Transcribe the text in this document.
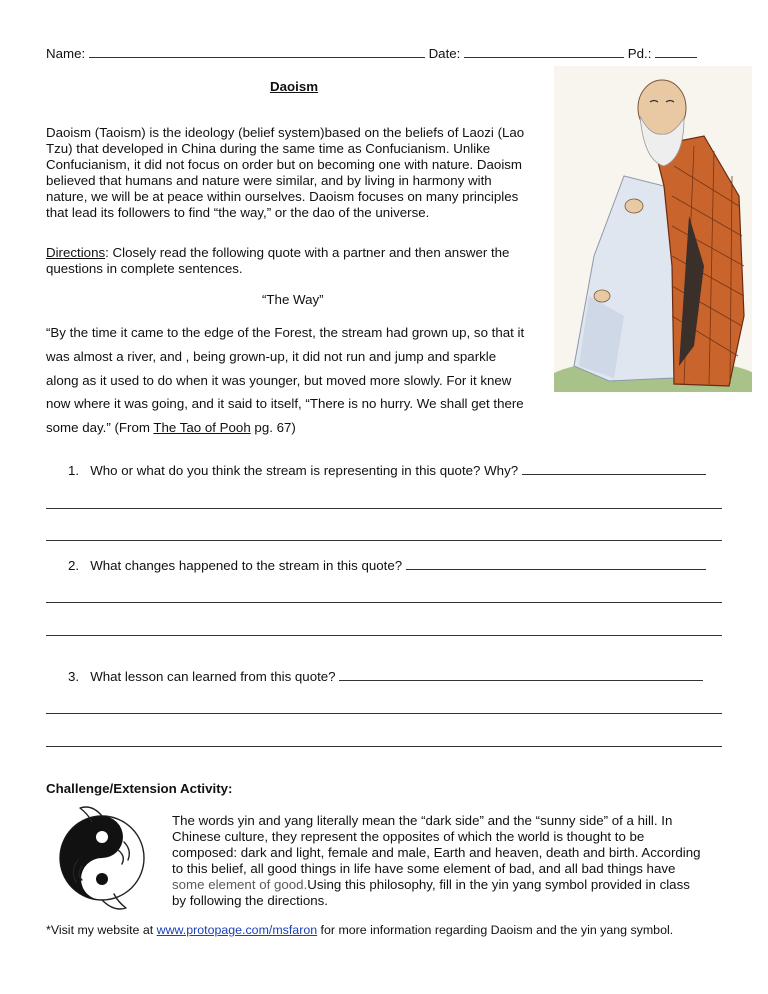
Name:	Date:	Pd.:
Daoism
Daoism (Taoism) is the ideology (belief system)based on the beliefs of Laozi (Lao
Tzu) that developed in China during the same time as Confucianism. Unlike
Confucianism, it did not focus on order but on becoming one with nature. Daoism
believed that humans and nature were similar, and by living in harmony with
nature, we will be at peace within ourselves. Daoism focuses on many principles
that lead its followers to find “the way,” or the dao of the universe.
Directions: Closely read the following quote with a partner and then answer the
questions in complete sentences.
“The Way”
“By the time it came to the edge of the Forest, the stream had grown up, so that it
was almost a river, and , being grown-up, it did not run and jump and sparkle
along as it used to do when it was younger, but moved more slowly. For it knew
now where it was going, and it said to itself, “There is no hurry. We shall get there
some day.” (From The Tao of Pooh pg. 67)
1. Who or what do you think the stream is representing in this quote? Why?
2. What changes happened to the stream in this quote?
3. What lesson can learned from this quote?
Challenge/Extension Activity:
The words yin and yang literally mean the “dark side” and the “sunny side” of a hill. In
Chinese culture, they represent the opposites of which the world is thought to be
composed: dark and light, female and male, Earth and heaven, death and birth. According
to this belief, all good things in life have some element of bad, and all bad things have
some element of good.Using this philosophy, fill in the yin yang symbol provided in class
by following the directions.
*Visit my website at www.protopage.com/msfaron for more information regarding Daoism and the yin yang symbol.
